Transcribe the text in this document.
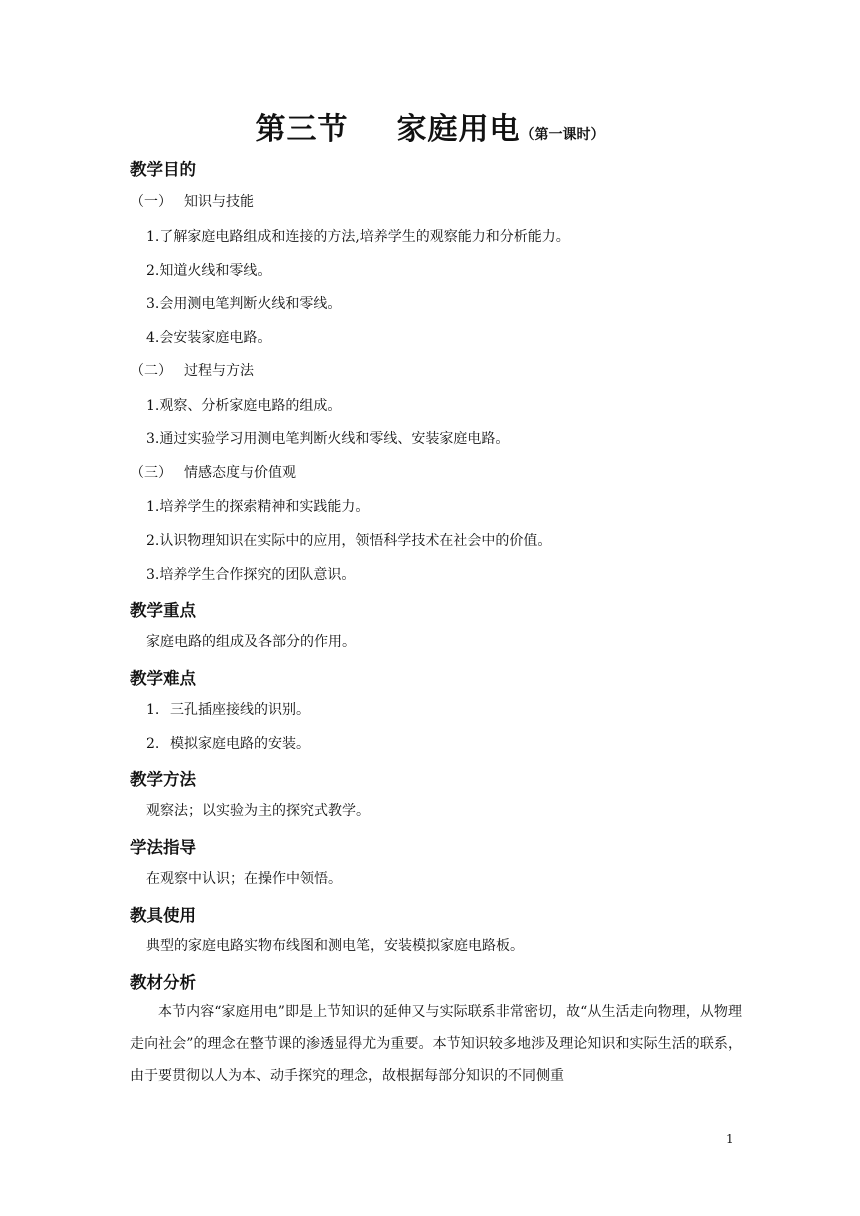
第三节 家庭用电（第一课时）
教学目的
（一） 知识与技能
1.了解家庭电路组成和连接的方法,培养学生的观察能力和分析能力。
2.知道火线和零线。
3.会用测电笔判断火线和零线。
4.会安装家庭电路。
（二） 过程与方法
1.观察、分析家庭电路的组成。
3.通过实验学习用测电笔判断火线和零线、安装家庭电路。
（三） 情感态度与价值观
1.培养学生的探索精神和实践能力。
2.认识物理知识在实际中的应用，领悟科学技术在社会中的价值。
3.培养学生合作探究的团队意识。
教学重点
家庭电路的组成及各部分的作用。
教学难点
1. 三孔插座接线的识别。
2. 模拟家庭电路的安装。
教学方法
观察法；以实验为主的探究式教学。
学法指导
在观察中认识；在操作中领悟。
教具使用
典型的家庭电路实物布线图和测电笔，安装模拟家庭电路板。
教材分析
本节内容“家庭用电”即是上节知识的延伸又与实际联系非常密切，故“从生活走向物理，从物理走向社会”的理念在整节课的渗透显得尤为重要。本节知识较多地涉及理论知识和实际生活的联系，由于要贯彻以人为本、动手探究的理念，故根据每部分知识的不同侧重
1
